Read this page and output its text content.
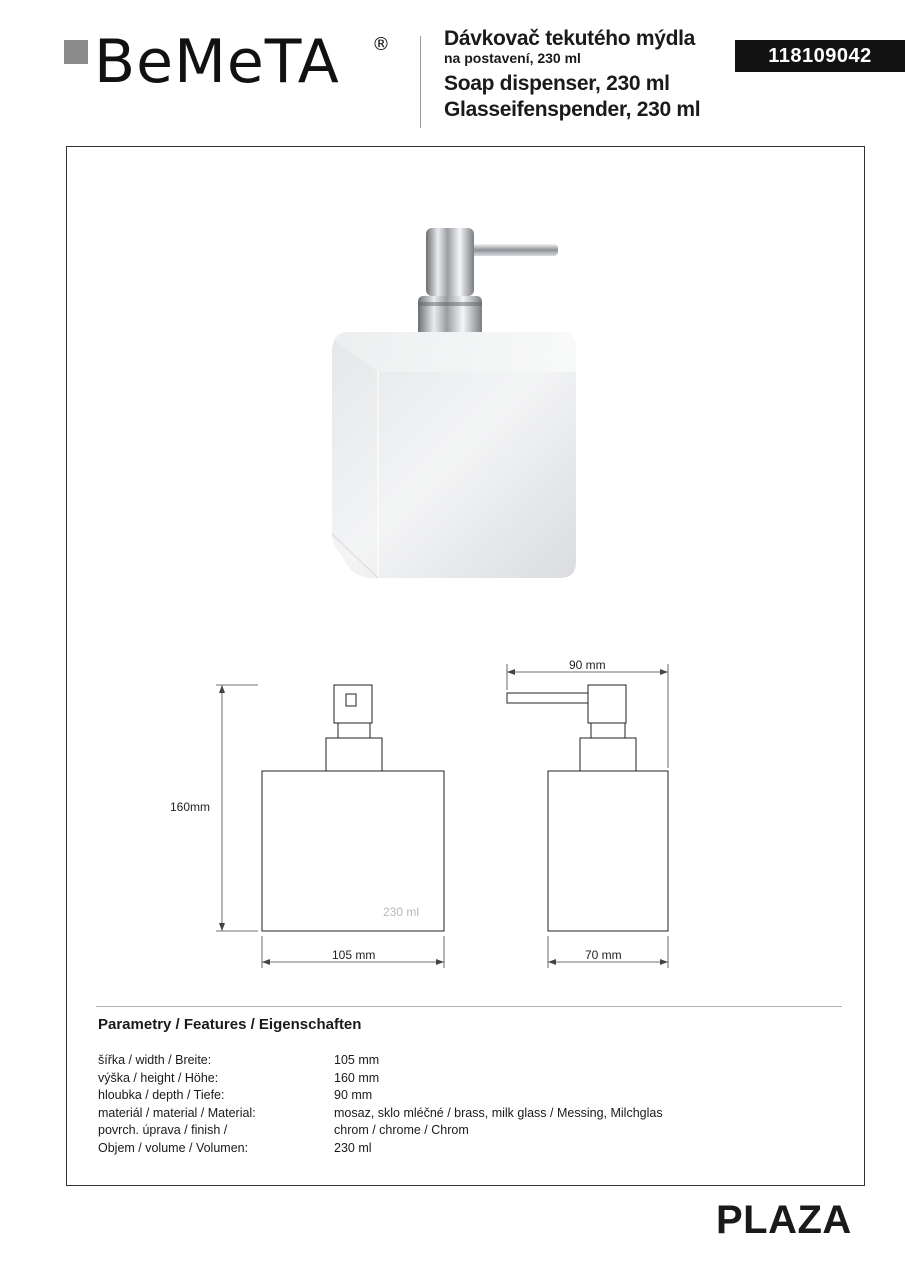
BeMeTA ®	Dávkovač tekutého mýdla
na postavení, 230 ml
Soap dispenser, 230 ml
Glasseifenspender, 230 ml
118109042
160mm
105 mm	70 mm
90 mm
230 ml
Parametry / Features / Eigenschaften
šířka / width / Breite:	105 mm
výška / height / Höhe:	160 mm
hloubka / depth / Tiefe:	90 mm
materiál / material / Material:	mosaz, sklo mléčné / brass, milk glass / Messing, Milchglas
povrch. úprava / finish /	chrom / chrome / Chrom
Objem / volume / Volumen:	230 ml
PLAZA
